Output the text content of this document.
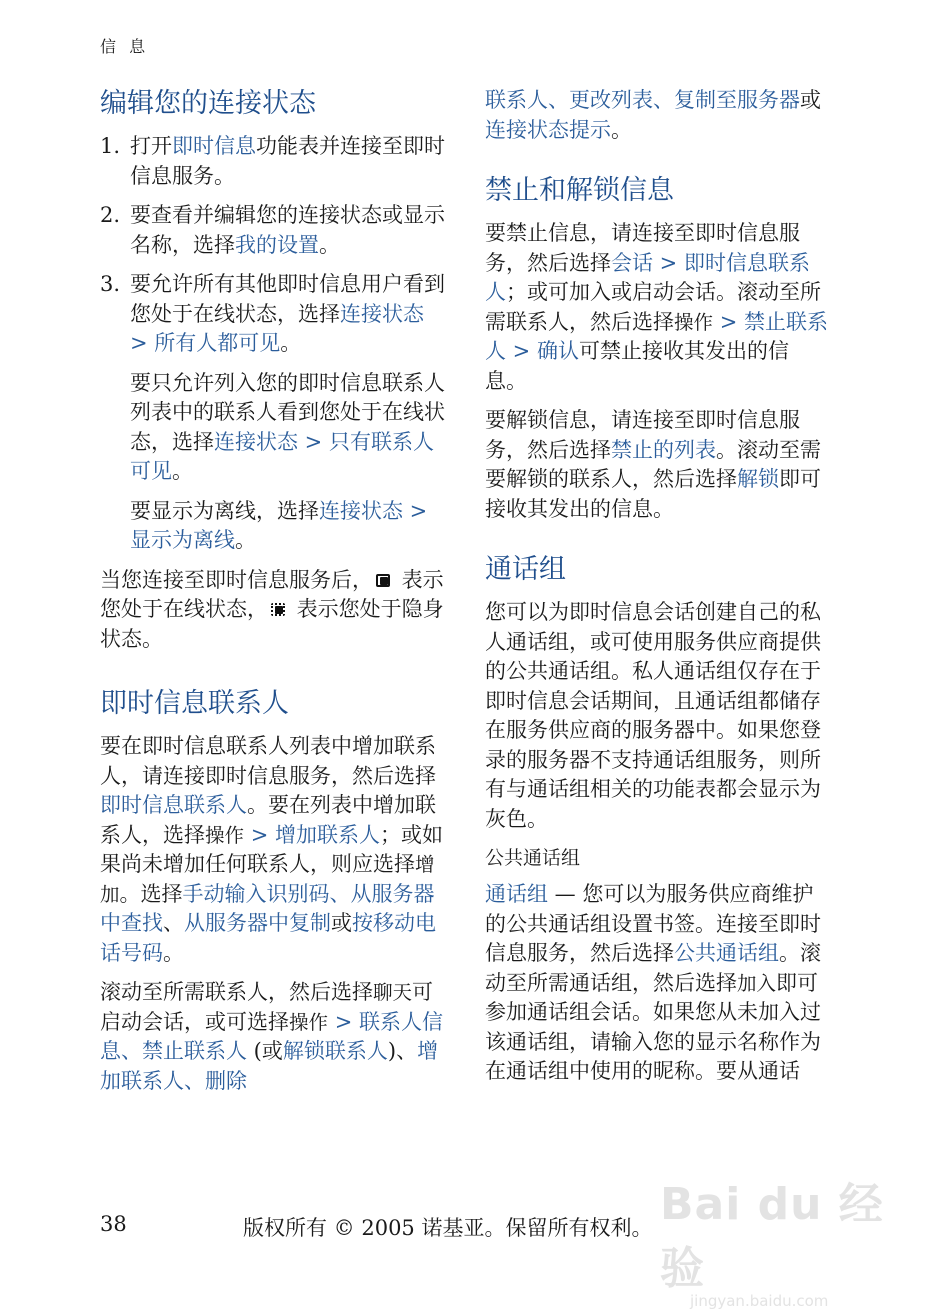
信 息
编辑您的连接状态
1. 打开即时信息功能表并连接至即时信息服务。

2. 要查看并编辑您的连接状态或显示名称，选择我的设置。

3. 要允许所有其他即时信息用户看到您处于在线状态，选择连接状态 > 所有人都可见。

要只允许列入您的即时信息联系人列表中的联系人看到您处于在线状态，选择连接状态 > 只有联系人可见。

要显示为离线，选择连接状态 > 显示为离线。

当您连接至即时信息服务后，
表示您处于在线状态，
表示您处于隐身状态。

即时信息联系人

要在即时信息联系人列表中增加联系人，请连接即时信息服务，然后选择即时信息联系人。要在列表中增加联系人，选择操作 > 增加联系人；或如果尚未增加任何联系人，则应选择增加。选择手动输入识别码、从服务器中查找、从服务器中复制或按移动电话号码。

滚动至所需联系人，然后选择聊天可启动会话，或可选择操作 > 联系人信息、禁止联系人 (或解锁联系人)、增加联系人、删除

联系人、更改列表、复制至服务器或连接状态提示。

禁止和解锁信息

要禁止信息，请连接至即时信息服务，然后选择会话 > 即时信息联系人；或可加入或启动会话。滚动至所需联系人，然后选择操作 > 禁止联系人 > 确认可禁止接收其发出的信息。

要解锁信息，请连接至即时信息服务，然后选择禁止的列表。滚动至需要解锁的联系人，然后选择解锁即可接收其发出的信息。

通话组

您可以为即时信息会话创建自己的私人通话组，或可使用服务供应商提供的公共通话组。私人通话组仅存在于即时信息会话期间，且通话组都储存在服务供应商的服务器中。如果您登录的服务器不支持通话组服务，则所有与通话组相关的功能表都会显示为灰色。

公共通话组

通话组 — 您可以为服务供应商维护的公共通话组设置书签。连接至即时信息服务，然后选择公共通话组。滚动至所需通话组，然后选择加入即可参加通话组会话。如果您从未加入过该通话组，请输入您的显示名称作为在通话组中使用的昵称。要从通话

38	版权所有 © 2005 诺基亚。保留所有权利。 Bai du 经验
jingyan.baidu.com
